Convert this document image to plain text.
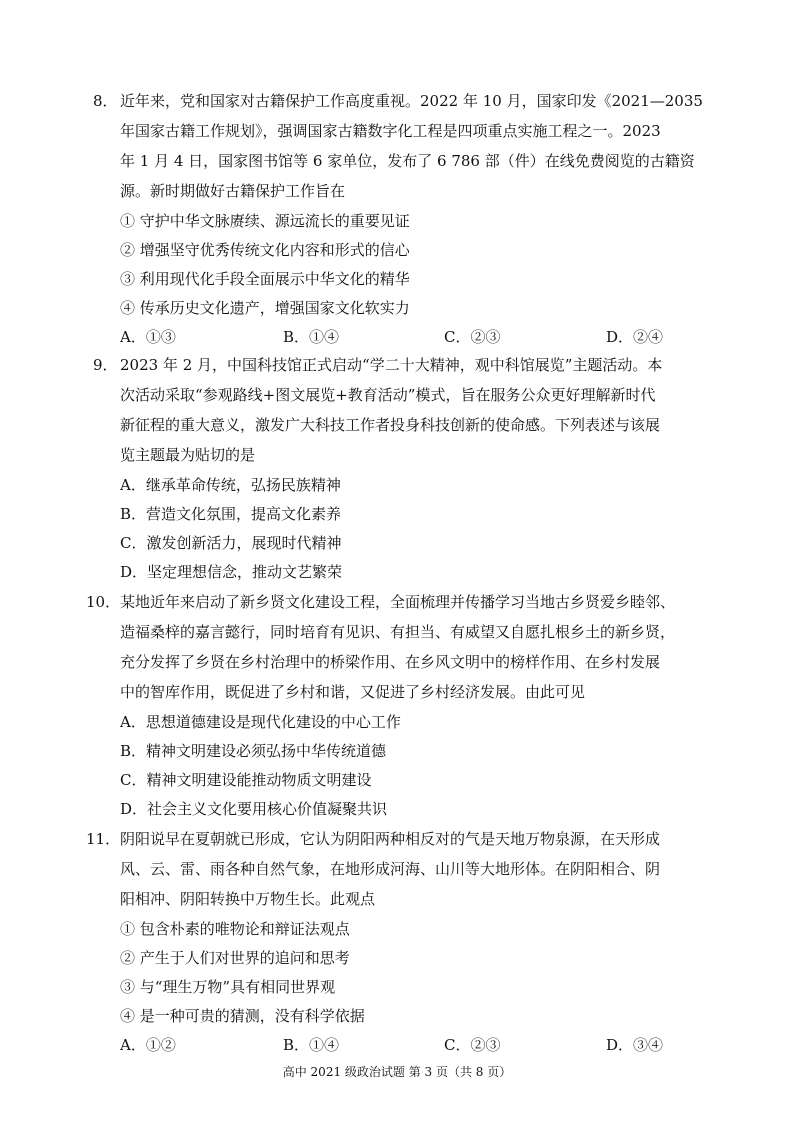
8． 近年来，党和国家对古籍保护工作高度重视。2022 年 10 月，国家印发《2021—2035
年国家古籍工作规划》，强调国家古籍数字化工程是四项重点实施工程之一。2023
年 1 月 4 日，国家图书馆等 6 家单位，发布了 6 786 部（件）在线免费阅览的古籍资
源。新时期做好古籍保护工作旨在
① 守护中华文脉赓续、源远流长的重要见证
② 增强坚守优秀传统文化内容和形式的信心
③ 利用现代化手段全面展示中华文化的精华
④ 传承历史文化遗产，增强国家文化软实力
A．①③	B．①④	C．②③	D．②④
9． 2023 年 2 月，中国科技馆正式启动“学二十大精神，观中科馆展览”主题活动。本
次活动采取“参观路线+图文展览+教育活动”模式，旨在服务公众更好理解新时代
新征程的重大意义，激发广大科技工作者投身科技创新的使命感。下列表述与该展
览主题最为贴切的是
A．继承革命传统，弘扬民族精神
B．营造文化氛围，提高文化素养
C．激发创新活力，展现时代精神
D．坚定理想信念，推动文艺繁荣
10． 某地近年来启动了新乡贤文化建设工程，全面梳理并传播学习当地古乡贤爱乡睦邻、
造福桑梓的嘉言懿行，同时培育有见识、有担当、有威望又自愿扎根乡土的新乡贤，
充分发挥了乡贤在乡村治理中的桥梁作用、在乡风文明中的榜样作用、在乡村发展
中的智库作用，既促进了乡村和谐，又促进了乡村经济发展。由此可见
A．思想道德建设是现代化建设的中心工作
B．精神文明建设必须弘扬中华传统道德
C．精神文明建设能推动物质文明建设
D．社会主义文化要用核心价值凝聚共识
11． 阴阳说早在夏朝就已形成，它认为阴阳两种相反对的气是天地万物泉源，在天形成
风、云、雷、雨各种自然气象，在地形成河海、山川等大地形体。在阴阳相合、阴
阳相冲、阴阳转换中万物生长。此观点
① 包含朴素的唯物论和辩证法观点
② 产生于人们对世界的追问和思考
③ 与“理生万物”具有相同世界观
④ 是一种可贵的猜测，没有科学依据
A．①②	B．①④	C．②③	D．③④
高中 2021 级政治试题 第 3 页（共 8 页）
